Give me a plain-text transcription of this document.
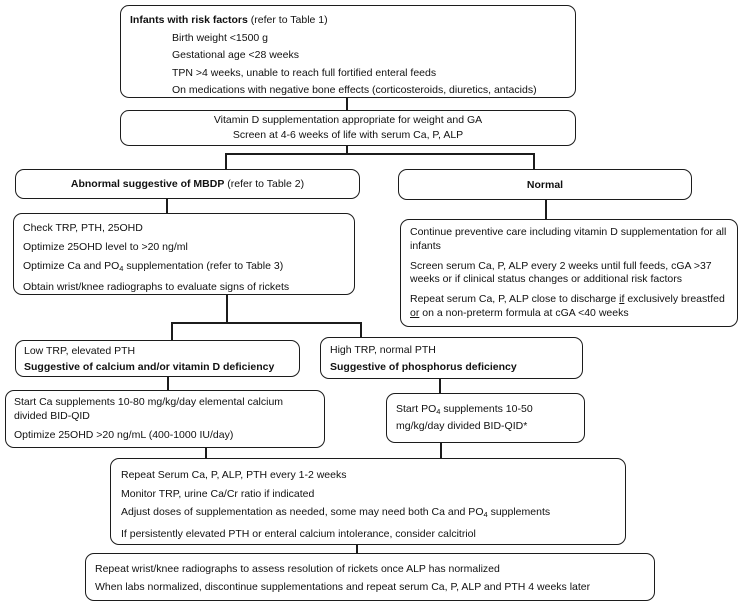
Infants with risk factors (refer to Table 1)
Birth weight <1500 g
Gestational age <28 weeks
TPN >4 weeks, unable to reach full fortified enteral feeds
On medications with negative bone effects (corticosteroids, diuretics, antacids)
Vitamin D supplementation appropriate for weight and GA
Screen at 4-6 weeks of life with serum Ca, P, ALP
Abnormal suggestive of MBDP (refer to Table 2)	Normal
Check TRP, PTH, 25OHD
Optimize 25OHD level to >20 ng/ml
Optimize Ca and $PO_4$ supplementation (refer to Table 3)
Obtain wrist/knee radiographs to evaluate signs of rickets

Continue preventive care including vitamin D supplementation for all infants

Screen serum Ca, P, ALP every 2 weeks until full feeds, cGA >37 weeks or if clinical status changes or additional risk factors

Repeat serum Ca, P, ALP close to discharge if exclusively breastfed or on a non-preterm formula at cGA <40 weeks

Low TRP, elevated PTH
Suggestive of calcium and/or vitamin D deficiency
High TRP, normal PTH
Suggestive of phosphorus deficiency

Start Ca supplements 10-80 mg/kg/day elemental calcium divided BID-QID

Optimize 25OHD >20 ng/mL (400-1000 IU/day)

Start $PO_4$ supplements 10-50 mg/kg/day divided BID-QID*
Repeat Serum Ca, P, ALP, PTH every 1-2 weeks
Monitor TRP, urine Ca/Cr ratio if indicated
Adjust doses of supplementation as needed, some may need both Ca and $PO_4$ supplements
If persistently elevated PTH or enteral calcium intolerance, consider calcitriol
Repeat wrist/knee radiographs to assess resolution of rickets once ALP has normalized
When labs normalized, discontinue supplementations and repeat serum Ca, P, ALP and PTH 4 weeks later
